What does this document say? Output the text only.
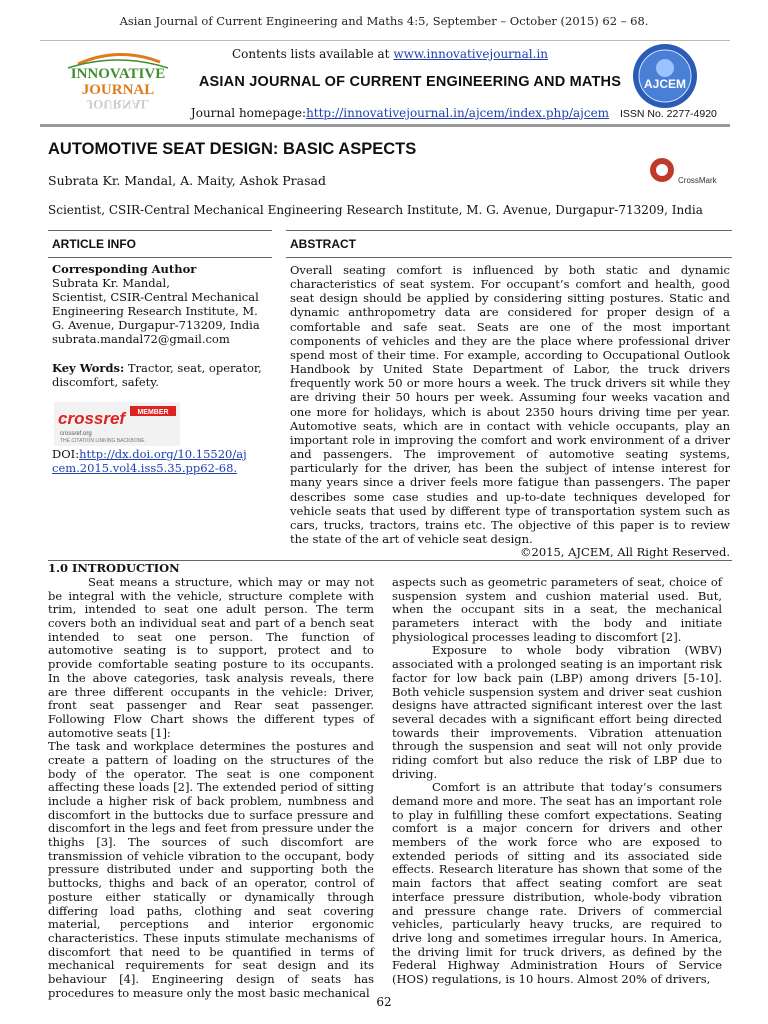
Asian Journal of Current Engineering and Maths 4:5, September – October (2015) 62 – 68.
INNOVATIVE
JOURNAL
JOURNAL
Contents lists available at www.innovativejournal.in
ASIAN JOURNAL OF CURRENT ENGINEERING AND MATHS
Journal homepage:http://innovativejournal.in/ajcem/index.php/ajcem
AJCEM
ISSN No. 2277-4920
AUTOMOTIVE SEAT DESIGN: BASIC ASPECTS
CrossMark
Subrata Kr. Mandal, A. Maity, Ashok Prasad
Scientist, CSIR-Central Mechanical Engineering Research Institute, M. G. Avenue, Durgapur-713209, India
ARTICLE INFO	ABSTRACT
Corresponding Author
Subrata Kr. Mandal,
Scientist, CSIR-Central Mechanical
Engineering Research Institute, M.
G. Avenue, Durgapur-713209, India
subrata.mandal72@gmail.com
Key Words: Tractor, seat, operator, discomfort, safety.
crossref	MEMBER
crossref.org
THE CITATION LINKING BACKBONE
DOI:http://dx.doi.org/10.15520/aj
cem.2015.vol4.iss5.35.pp62-68.
Overall seating comfort is influenced by both static and dynamic characteristics of seat system. For occupant’s comfort and health, good seat design should be applied by considering sitting postures. Static and dynamic anthropometry data are considered for proper design of a comfortable and safe seat. Seats are one of the most important components of vehicles and they are the place where professional driver spend most of their time. For example, according to Occupational Outlook Handbook by United State Department of Labor, the truck drivers frequently work 50 or more hours a week. The truck drivers sit while they are driving their 50 hours per week. Assuming four weeks vacation and one more for holidays, which is about 2350 hours driving time per year. Automotive seats, which are in contact with vehicle occupants, play an important role in improving the comfort and work environment of a driver and passengers. The improvement of automotive seating systems, particularly for the driver, has been the subject of intense interest for many years since a driver feels more fatigue than passengers. The paper describes some case studies and up-to-date techniques developed for vehicle seats that used by different type of transportation system such as cars, trucks, tractors, trains etc. The objective of this paper is to review the state of the art of vehicle seat design.
©2015, AJCEM, All Right Reserved.
1.0 INTRODUCTION

Seat means a structure, which may or may not be integral with the vehicle, structure complete with trim, intended to seat one adult person. The term covers both an individual seat and part of a bench seat intended to seat one person. The function of automotive seating is to support, protect and to provide comfortable seating posture to its occupants. In the above categories, task analysis reveals, there are three different occupants in the vehicle: Driver, front seat passenger and Rear seat passenger. Following Flow Chart shows the different types of automotive seats [1]:

The task and workplace determines the postures and create a pattern of loading on the structures of the body of the operator. The seat is one component affecting these loads [2]. The extended period of sitting include a higher risk of back problem, numbness and discomfort in the buttocks due to surface pressure and discomfort in the legs and feet from pressure under the thighs [3]. The sources of such discomfort are transmission of vehicle vibration to the occupant, body pressure distributed under and supporting both the buttocks, thighs and back of an operator, control of posture either statically or dynamically through differing load paths, clothing and seat covering material, perceptions and interior ergonomic characteristics. These inputs stimulate mechanisms of discomfort that need to be quantified in terms of mechanical requirements for seat design and its behaviour [4]. Engineering design of seats has procedures to measure only the most basic mechanical

aspects such as geometric parameters of seat, choice of suspension system and cushion material used. But, when the occupant sits in a seat, the mechanical parameters interact with the body and initiate physiological processes leading to discomfort [2].

Exposure to whole body vibration (WBV) associated with a prolonged seating is an important risk factor for low back pain (LBP) among drivers [5-10]. Both vehicle suspension system and driver seat cushion designs have attracted significant interest over the last several decades with a significant effort being directed towards their improvements. Vibration attenuation through the suspension and seat will not only provide riding comfort but also reduce the risk of LBP due to driving.

Comfort is an attribute that today’s consumers demand more and more. The seat has an important role to play in fulfilling these comfort expectations. Seating comfort is a major concern for drivers and other members of the work force who are exposed to extended periods of sitting and its associated side effects. Research literature has shown that some of the main factors that affect seating comfort are seat interface pressure distribution, whole-body vibration and pressure change rate. Drivers of commercial vehicles, particularly heavy trucks, are required to drive long and sometimes irregular hours. In America, the driving limit for truck drivers, as defined by the Federal Highway Administration Hours of Service (HOS) regulations, is 10 hours. Almost 20% of drivers,

62
